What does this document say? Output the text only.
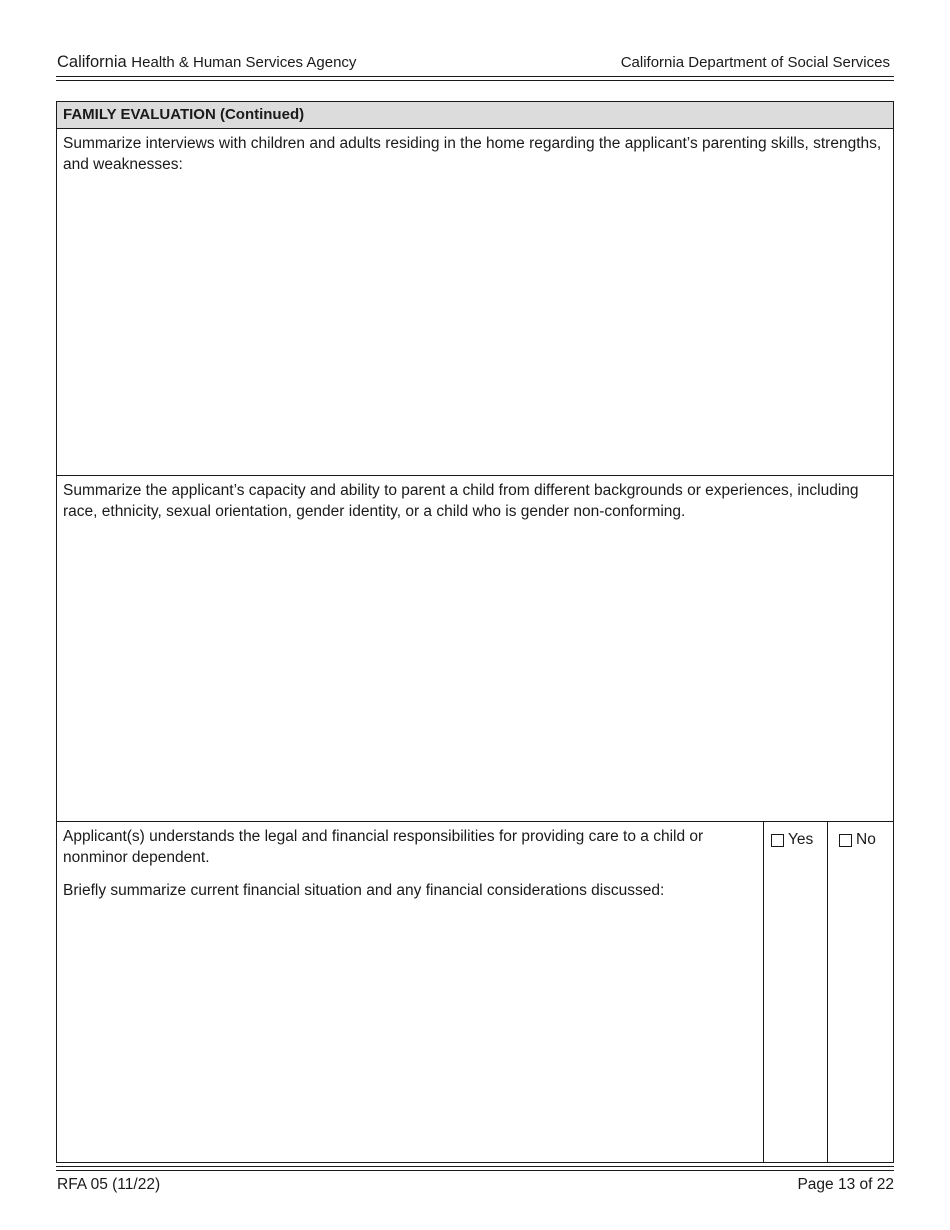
California Health & Human Services Agency	California Department of Social Services
FAMILY EVALUATION (Continued)
Summarize interviews with children and adults residing in the home regarding the applicant’s parenting skills, strengths, and weaknesses:
Summarize the applicant’s capacity and ability to parent a child from different backgrounds or experiences, including race, ethnicity, sexual orientation, gender identity, or a child who is gender non-conforming.
Applicant(s) understands the legal and financial responsibilities for providing care to a child or nonminor dependent.
Briefly summarize current financial situation and any financial considerations discussed:
Yes	No
RFA 05 (11/22)	Page 13 of 22
